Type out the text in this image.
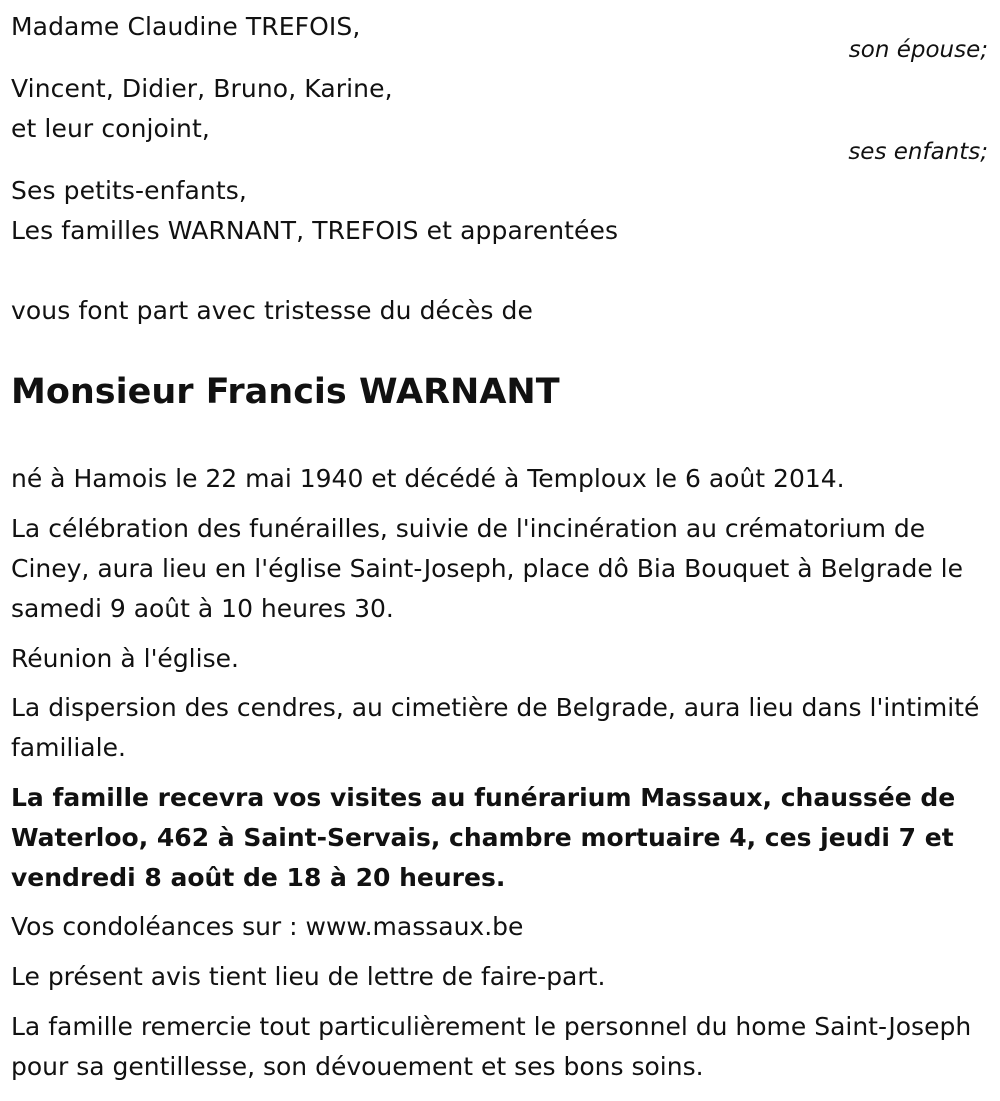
Madame Claudine TREFOIS,
son épouse;
Vincent, Didier, Bruno, Karine,
et leur conjoint,
ses enfants;
Ses petits-enfants,
Les familles WARNANT, TREFOIS et apparentées
vous font part avec tristesse du décès de
Monsieur Francis WARNANT
né à Hamois le 22 mai 1940 et décédé à Temploux le 6 août 2014.
La célébration des funérailles, suivie de l'incinération au crématorium de Ciney, aura lieu en l'église Saint-Joseph, place dô Bia Bouquet à Belgrade le samedi 9 août à 10 heures 30.
Réunion à l'église.
La dispersion des cendres, au cimetière de Belgrade, aura lieu dans l'intimité familiale.
La famille recevra vos visites au funérarium Massaux, chaussée de Waterloo, 462 à Saint-Servais, chambre mortuaire 4, ces jeudi 7 et vendredi 8 août de 18 à 20 heures.
Vos condoléances sur : www.massaux.be
Le présent avis tient lieu de lettre de faire-part.
La famille remercie tout particulièrement le personnel du home Saint-Joseph pour sa gentillesse, son dévouement et ses bons soins.
